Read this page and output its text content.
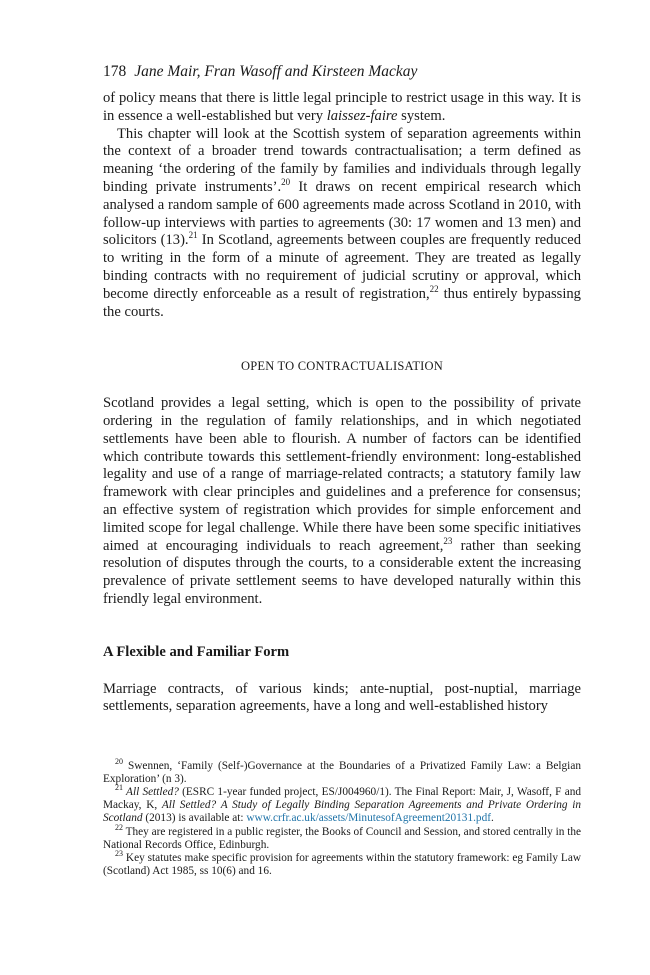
178 Jane Mair, Fran Wasoff and Kirsteen Mackay

of policy means that there is little legal principle to restrict usage in this way. It is in essence a well-established but very laissez-faire system.

This chapter will look at the Scottish system of separation agreements within the context of a broader trend towards contractualisation; a term defined as meaning ‘the ordering of the family by families and individuals through legally binding private instruments’.$^{20}$ It draws on recent empirical research which analysed a random sample of 600 agreements made across Scotland in 2010, with follow-up interviews with parties to agreements (30: 17 women and 13 men) and solicitors (13).$^{21}$ In Scotland, agreements between couples are frequently reduced to writing in the form of a minute of agreement. They are treated as legally binding contracts with no requirement of judicial scrutiny or approval, which become directly enforceable as a result of registration,$^{22}$ thus entirely bypassing the courts.

OPEN TO CONTRACTUALISATION

Scotland provides a legal setting, which is open to the possibility of private ordering in the regulation of family relationships, and in which negotiated settlements have been able to flourish. A number of factors can be identified which contribute towards this settlement-friendly environment: long-established legality and use of a range of marriage-related contracts; a statutory family law framework with clear principles and guidelines and a preference for consensus; an effective system of registration which provides for simple enforcement and limited scope for legal challenge. While there have been some specific initiatives aimed at encouraging individuals to reach agreement,$^{23}$ rather than seeking resolution of disputes through the courts, to a considerable extent the increasing prevalence of private settlement seems to have developed naturally within this friendly legal environment.

A Flexible and Familiar Form

Marriage contracts, of various kinds; ante-nuptial, post-nuptial, marriage settlements, separation agreements, have a long and well-established history

$^{20}$ Swennen, ‘Family (Self-)Governance at the Boundaries of a Privatized Family Law: a Belgian Exploration’ (n 3).

$^{21}$ All Settled? (ESRC 1-year funded project, ES/J004960/1). The Final Report: Mair, J, Wasoff, F and Mackay, K, All Settled? A Study of Legally Binding Separation Agreements and Private Ordering in Scotland (2013) is available at: www.crfr.ac.uk/assets/MinutesofAgreement20131.pdf.

$^{22}$ They are registered in a public register, the Books of Council and Session, and stored centrally in the National Records Office, Edinburgh.

$^{23}$ Key statutes make specific provision for agreements within the statutory framework: eg Family Law (Scotland) Act 1985, ss 10(6) and 16.
